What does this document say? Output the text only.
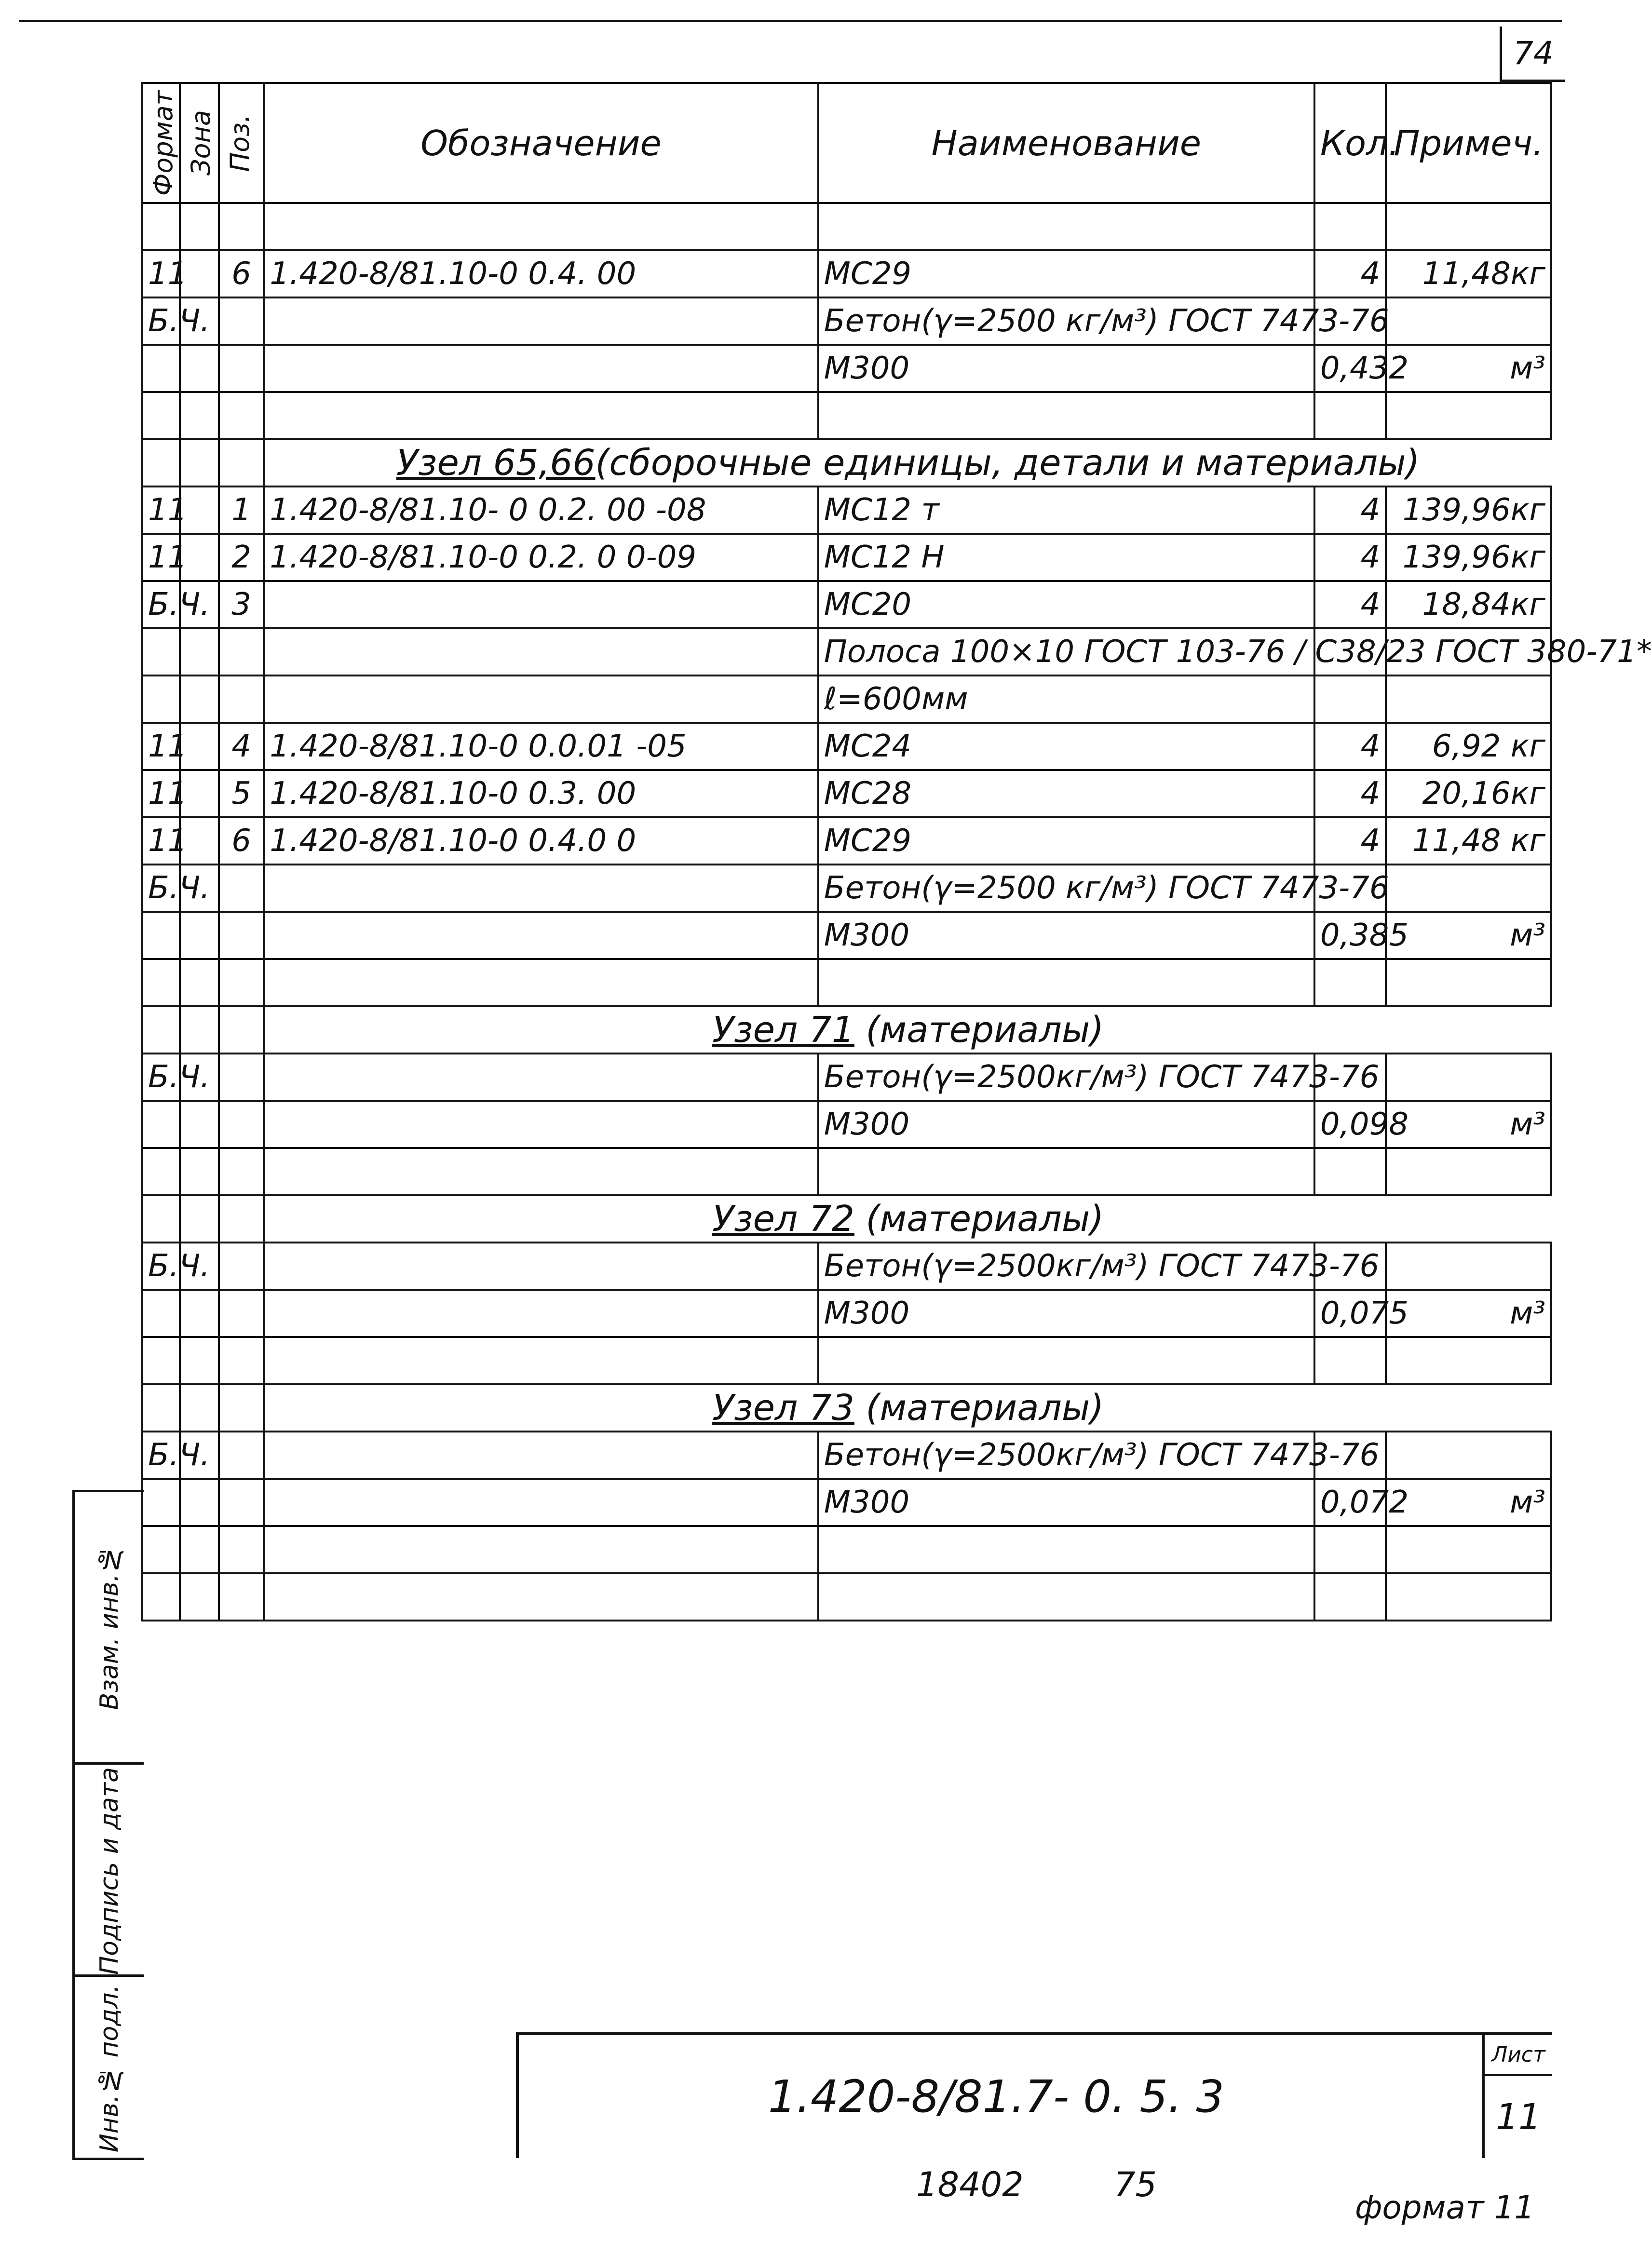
74
Формат	Зона	Поз.	Обозначение	Наименование	Кол.	Примеч.

11		6	1.420-8/81.10-0 0.4. 00	МС29	4	11,48кг
Б.Ч.				Бетон(γ=2500 кг/м³) ГОСТ 7473-76		
				М300	0,432	м³

			Узел 65,66(сборочные единицы, детали и материалы)			
11		1	1.420-8/81.10- 0 0.2. 00 -08	МС12 т	4	139,96кг
11		2	1.420-8/81.10-0 0.2. 0 0-09	МС12 Н	4	139,96кг
Б.Ч.		3		МС20	4	18,84кг
				Полоса 100×10 ГОСТ 103-76 / С38/23 ГОСТ 380-71*		
				ℓ=600мм		
11		4	1.420-8/81.10-0 0.0.01 -05	МС24	4	6,92 кг
11		5	1.420-8/81.10-0 0.3. 00	МС28	4	20,16кг
11		6	1.420-8/81.10-0 0.4.0 0	МС29	4	11,48 кг
Б.Ч.				Бетон(γ=2500 кг/м³) ГОСТ 7473-76		
				М300	0,385	м³

			Узел 71 (материалы)			
Б.Ч.				Бетон(γ=2500кг/м³) ГОСТ 7473-76		
				М300	0,098	м³

			Узел 72 (материалы)			
Б.Ч.				Бетон(γ=2500кг/м³) ГОСТ 7473-76		
				М300	0,075	м³

			Узел 73 (материалы)			
Б.Ч.				Бетон(γ=2500кг/м³) ГОСТ 7473-76		
				М300	0,072	м³

Взам. инв.№
Подпись и дата
Инв.№ подл.	1.420-8/81.7- 0. 5. 3
Лист
11
18402	75
формат 11
